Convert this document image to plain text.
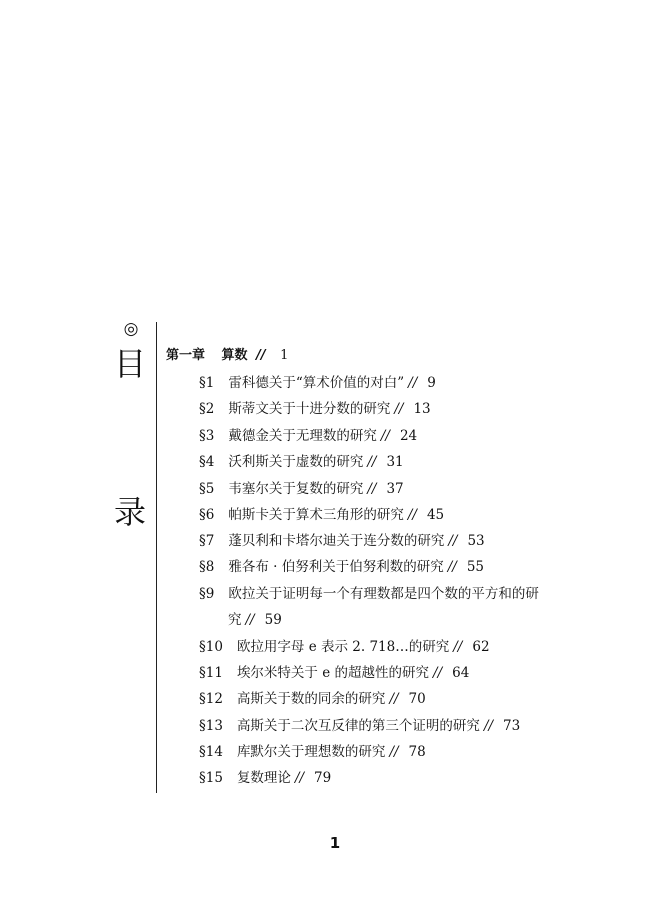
◎
目
录
第一章 算数 // 1
§1 雷科德关于“算术价值的对白” // 9
§2 斯蒂文关于十进分数的研究 // 13
§3 戴德金关于无理数的研究 // 24
§4 沃利斯关于虚数的研究 // 31
§5 韦塞尔关于复数的研究 // 37
§6 帕斯卡关于算术三角形的研究 // 45
§7 蓬贝利和卡塔尔迪关于连分数的研究 // 53
§8 雅各布 · 伯努利关于伯努利数的研究 // 55
§9 欧拉关于证明每一个有理数都是四个数的平方和的研
究 // 59
§10 欧拉用字母 e 表示 2. 718…的研究 // 62
§11 埃尔米特关于 e 的超越性的研究 // 64
§12 高斯关于数的同余的研究 // 70
§13 高斯关于二次互反律的第三个证明的研究 // 73
§14 库默尔关于理想数的研究 // 78
§15 复数理论 // 79
1
